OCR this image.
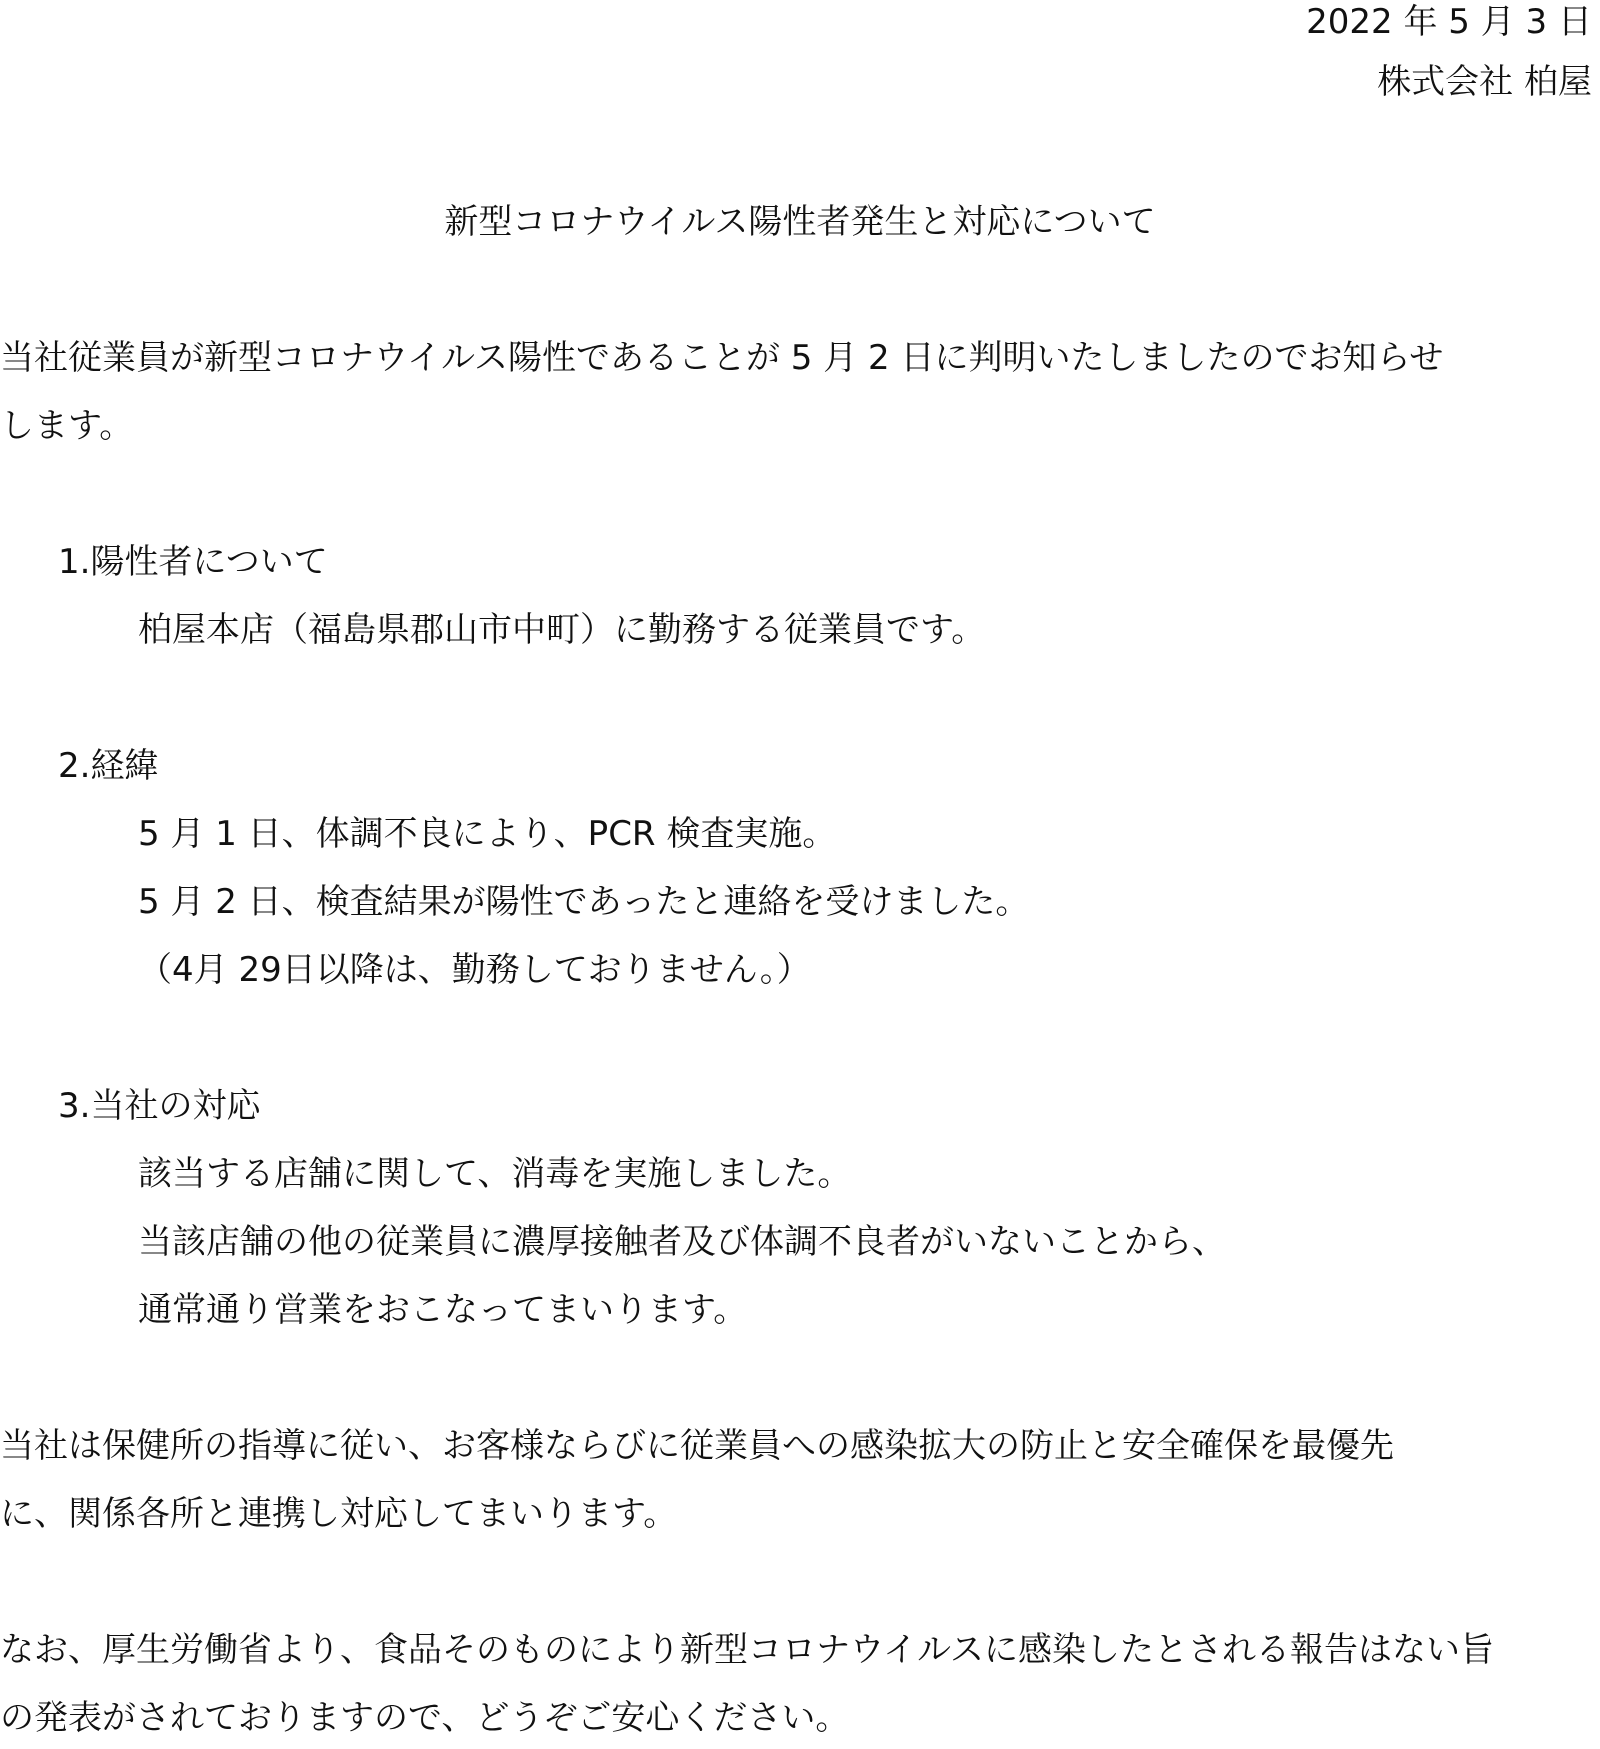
2022 年 5 月 3 日

株式会社 柏屋

新型コロナウイルス陽性者発生と対応について

当社従業員が新型コロナウイルス陽性であることが 5 月 2 日に判明いたしましたのでお知らせ

します。

1.陽性者について

柏屋本店（福島県郡山市中町）に勤務する従業員です。

2.経緯

5 月 1 日、体調不良により、PCR 検査実施。

5 月 2 日、検査結果が陽性であったと連絡を受けました。

（4月 29日以降は、勤務しておりません。）

3.当社の対応

該当する店舗に関して、消毒を実施しました。

当該店舗の他の従業員に濃厚接触者及び体調不良者がいないことから、

通常通り営業をおこなってまいります。

当社は保健所の指導に従い、お客様ならびに従業員への感染拡大の防止と安全確保を最優先

に、関係各所と連携し対応してまいります。

なお、厚生労働省より、食品そのものにより新型コロナウイルスに感染したとされる報告はない旨

の発表がされておりますので、どうぞご安心ください。
